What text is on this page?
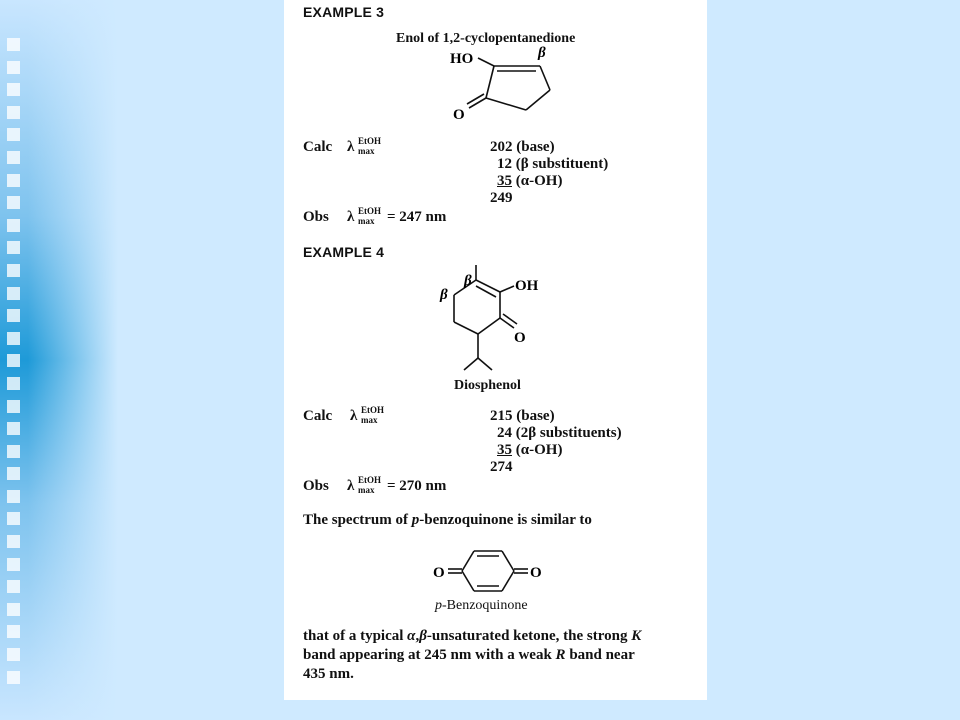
EXAMPLE 3
Enol of 1,2-cyclopentanedione
HO	β
O
Calc λ EtOH
max	202 (base)
12 (β substituent)
35 (α-OH)
249
Obs λ EtOH
max = 247 nm
EXAMPLE 4
β
β
OH
O
Diosphenol
Calc λ EtOH
max	215 (base)
24 (2β substituents)
35 (α-OH)
274
Obs λ EtOH
max = 270 nm
The spectrum of p-benzoquinone is similar to
O	O
p-Benzoquinone
that of a typical α,β-unsaturated ketone, the strong K
band appearing at 245 nm with a weak R band near
435 nm.
